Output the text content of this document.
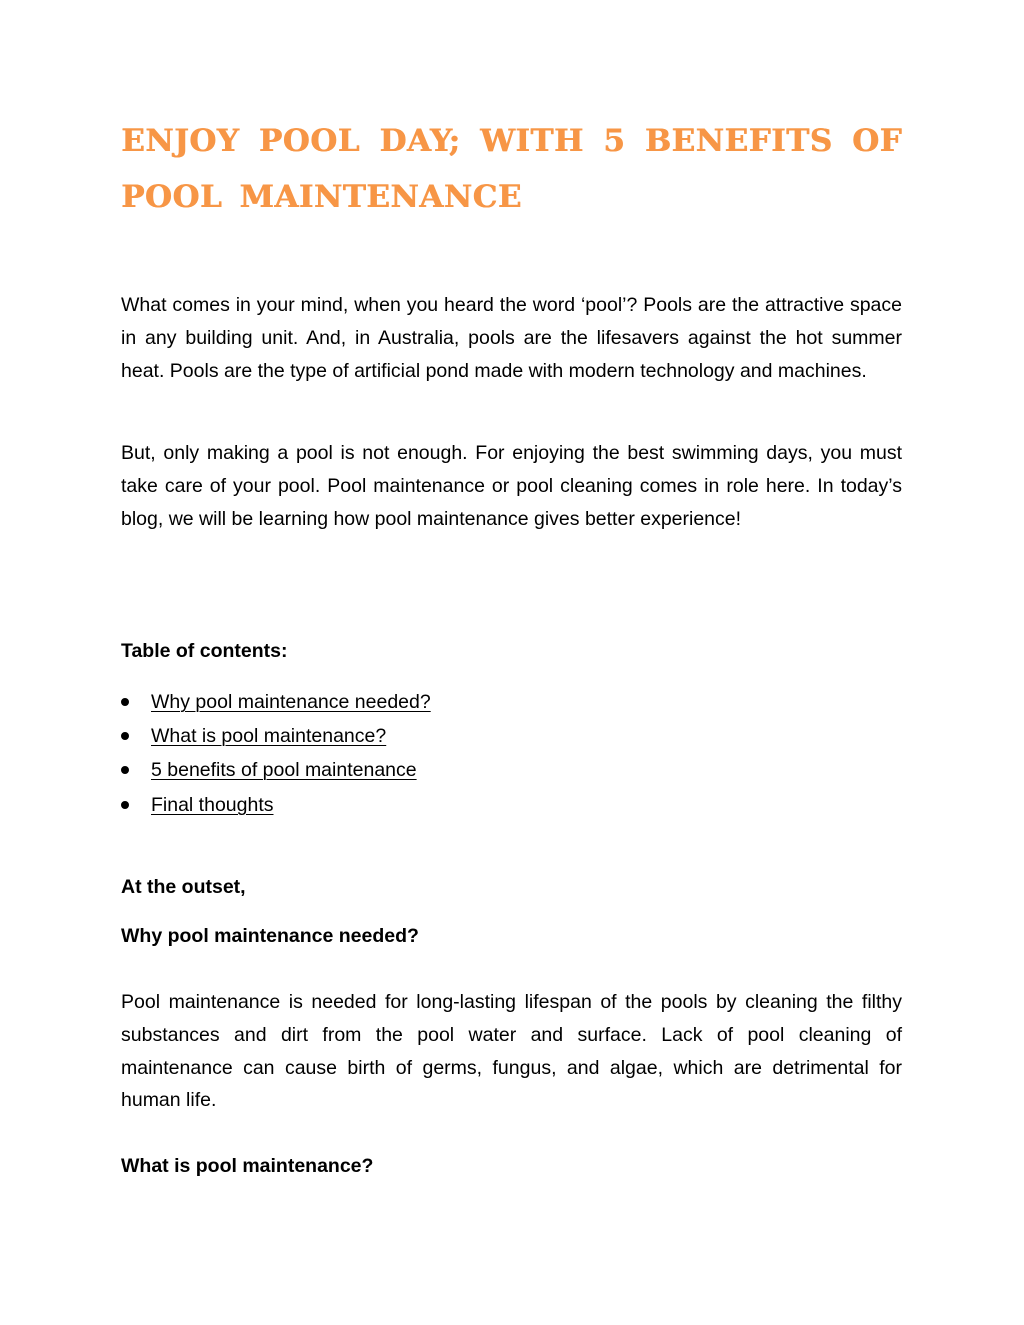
ENJOY POOL DAY; WITH 5 BENEFITS OF POOL MAINTENANCE

What comes in your mind, when you heard the word ‘pool’? Pools are the attractive space in any building unit. And, in Australia, pools are the lifesavers against the hot summer heat. Pools are the type of artificial pond made with modern technology and machines.

But, only making a pool is not enough. For enjoying the best swimming days, you must take care of your pool. Pool maintenance or pool cleaning comes in role here. In today’s blog, we will be learning how pool maintenance gives better experience!

Table of contents:

Why pool maintenance needed?
What is pool maintenance?
5 benefits of pool maintenance
Final thoughts

At the outset,

Why pool maintenance needed?

Pool maintenance is needed for long-lasting lifespan of the pools by cleaning the filthy substances and dirt from the pool water and surface. Lack of pool cleaning of maintenance can cause birth of germs, fungus, and algae, which are detrimental for human life.

What is pool maintenance?
